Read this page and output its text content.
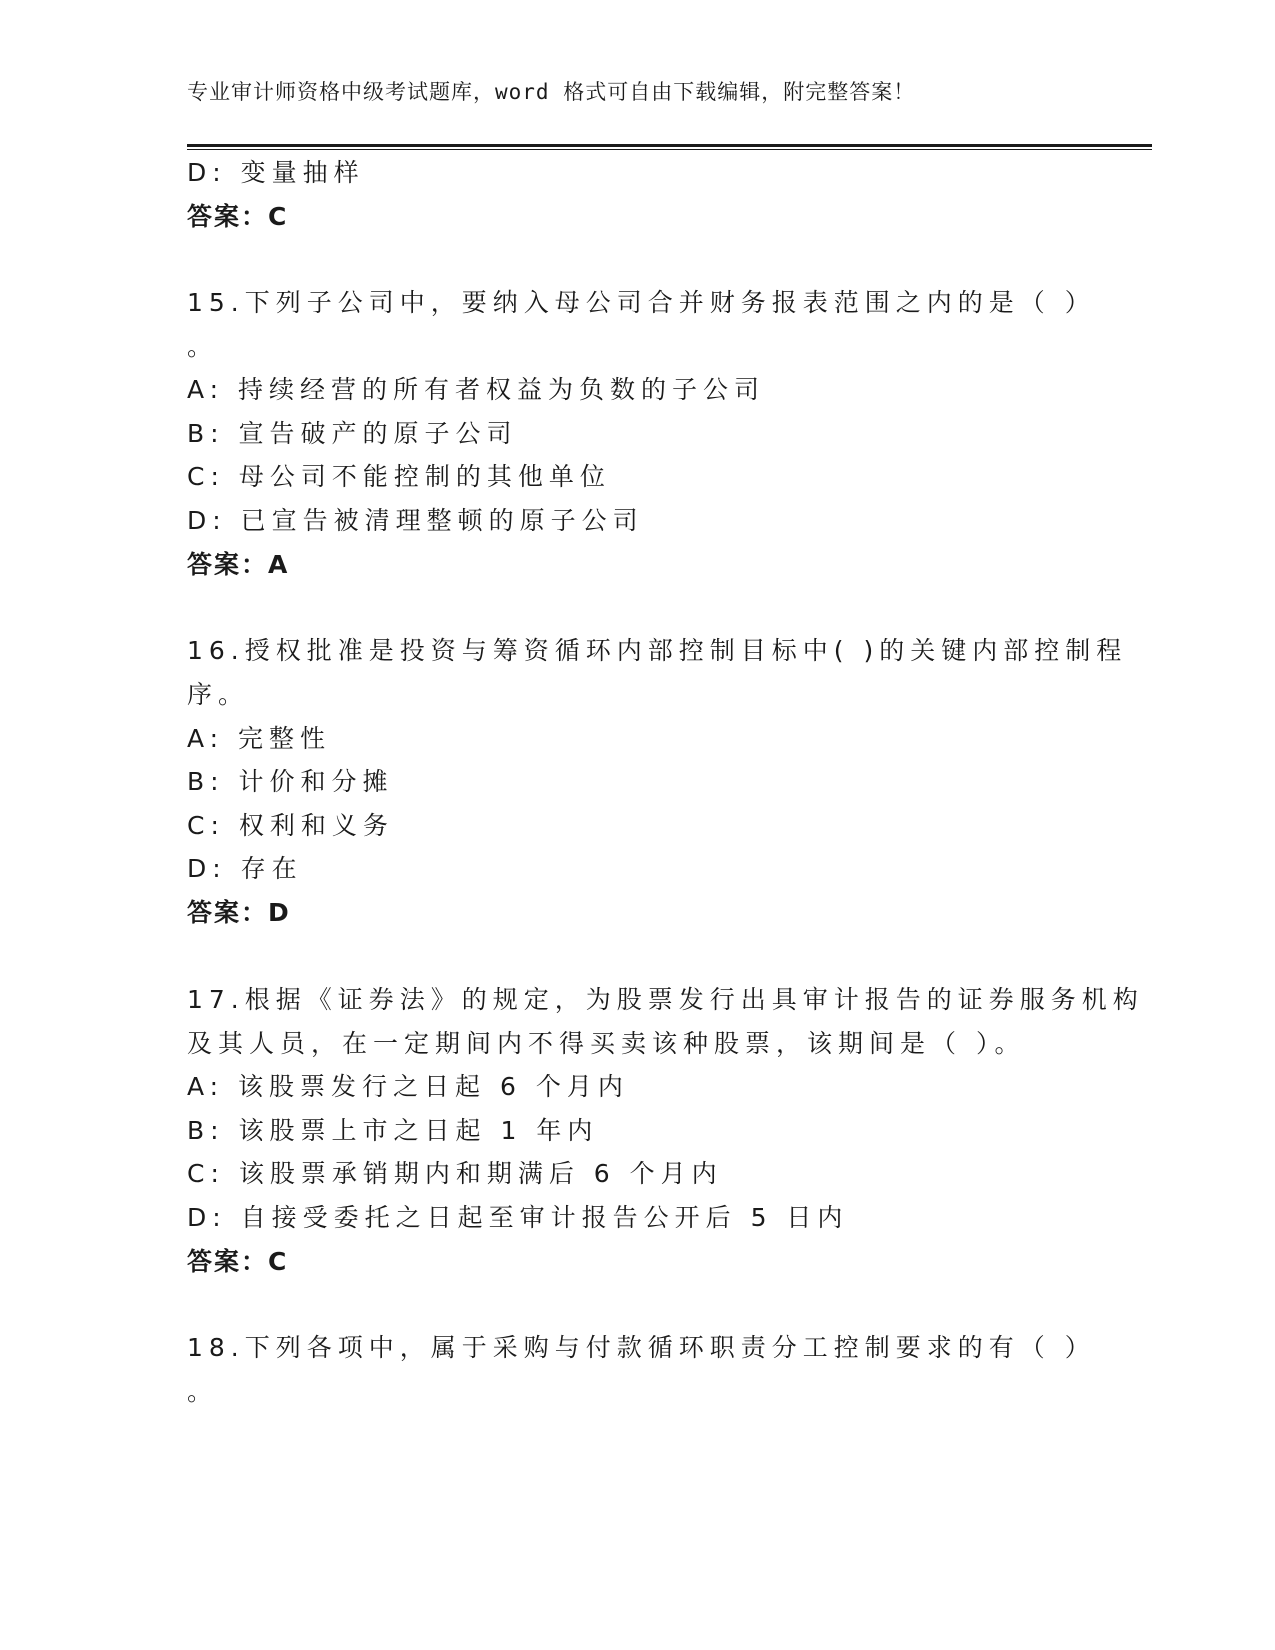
专业审计师资格中级考试题库，word 格式可自由下载编辑，附完整答案！
D: 变量抽样
答案：C
15.下列子公司中，要纳入母公司合并财务报表范围之内的是（ ）
。
A: 持续经营的所有者权益为负数的子公司
B: 宣告破产的原子公司
C: 母公司不能控制的其他单位
D: 已宣告被清理整顿的原子公司
答案：A
16.授权批准是投资与筹资循环内部控制目标中( )的关键内部控制程
序。
A: 完整性
B: 计价和分摊
C: 权利和义务
D: 存在
答案：D
17.根据《证券法》的规定，为股票发行出具审计报告的证券服务机构
及其人员，在一定期间内不得买卖该种股票，该期间是（ ）。
A: 该股票发行之日起 6 个月内
B: 该股票上市之日起 1 年内
C: 该股票承销期内和期满后 6 个月内
D: 自接受委托之日起至审计报告公开后 5 日内
答案：C
18.下列各项中，属于采购与付款循环职责分工控制要求的有（ ）
。
